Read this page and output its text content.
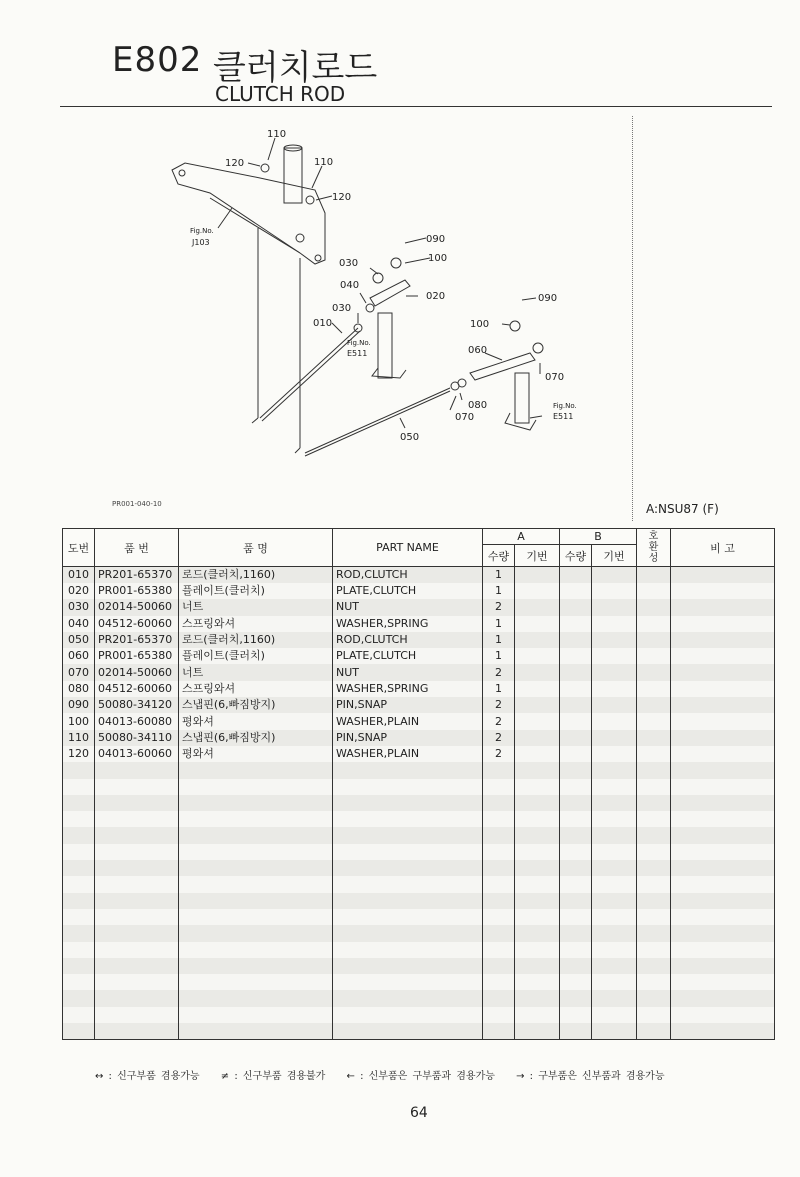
E802 클러치로드
CLUTCH ROD
110
120	110
120
Fig.No.
J103	090
100
030
020
040
030
010
Fig.No.
E511
090
100
060
070
080
070
Fig.No.
E511
050
PR001-040-10	A:NSU87 (F)
도번	품 번	품 명	PART NAME	A		B		호환성	비 고
				수량	기번	수량	기번		
010	PR201-65370	로드(클러치,1160)	ROD,CLUTCH	1					
020	PR001-65380	플레이트(클러치)	PLATE,CLUTCH	1					
030	02014-50060	너트	NUT	2					
040	04512-60060	스프링와셔	WASHER,SPRING	1					
050	PR201-65370	로드(클러치,1160)	ROD,CLUTCH	1					
060	PR001-65380	플레이트(클러치)	PLATE,CLUTCH	1					
070	02014-50060	너트	NUT	2					
080	04512-60060	스프링와셔	WASHER,SPRING	1					
090	50080-34120	스냅핀(6,빠짐방지)	PIN,SNAP	2					
100	04013-60080	평와셔	WASHER,PLAIN	2					
110	50080-34110	스냅핀(6,빠짐방지)	PIN,SNAP	2					
120	04013-60060	평와셔	WASHER,PLAIN	2					

↔ : 신구부품 겸용가능 ≠ : 신구부품 겸용불가 ← : 신부품은 구부품과 겸용가능 → : 구부품은 신부품과 겸용가능
64
